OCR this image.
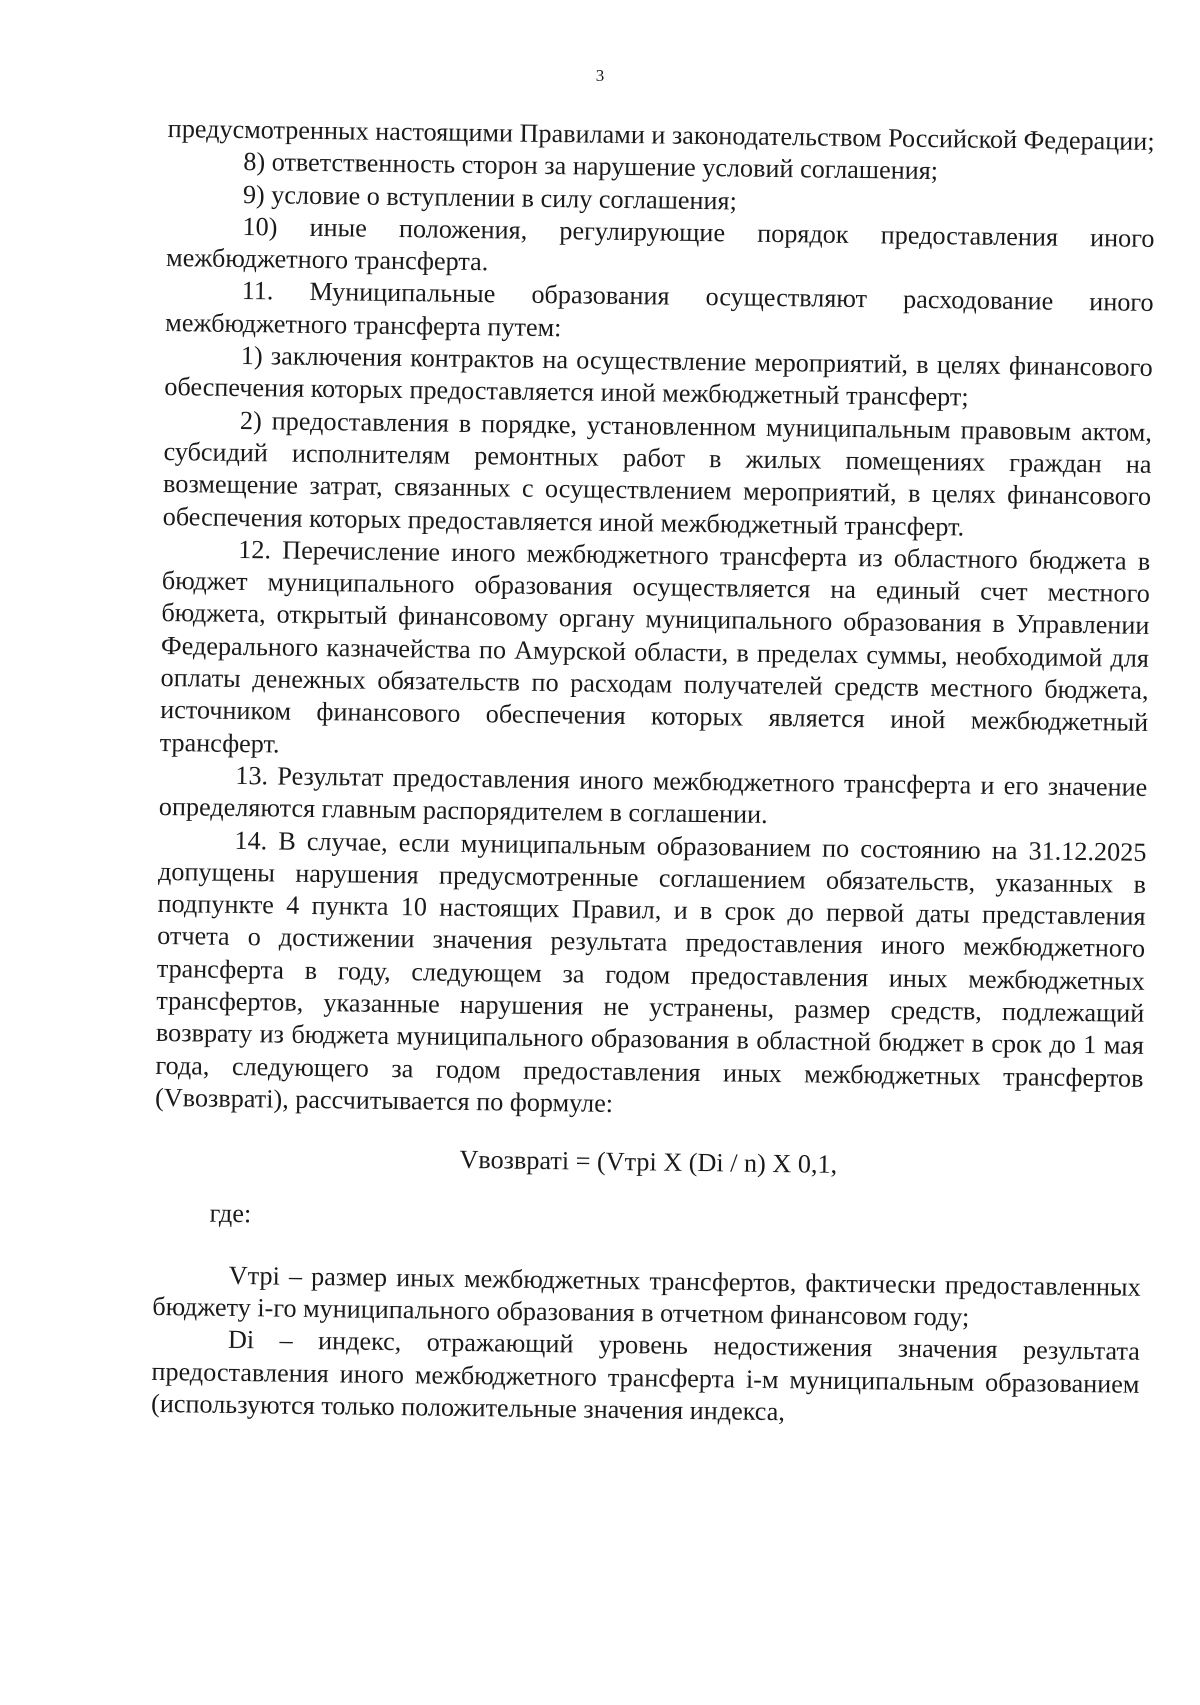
3

предусмотренных настоящими Правилами и законодательством Российской Федерации;

8) ответственность сторон за нарушение условий соглашения;

9) условие о вступлении в силу соглашения;

10) иные положения, регулирующие порядок предоставления иного межбюджетного трансферта.

11. Муниципальные образования осуществляют расходование иного межбюджетного трансферта путем:

1) заключения контрактов на осуществление мероприятий, в целях финансового обеспечения которых предоставляется иной межбюджетный трансферт;

2) предоставления в порядке, установленном муниципальным правовым актом, субсидий исполнителям ремонтных работ в жилых помещениях граждан на возмещение затрат, связанных с осуществлением мероприятий, в целях финансового обеспечения которых предоставляется иной межбюджетный трансферт.

12. Перечисление иного межбюджетного трансферта из областного бюджета в бюджет муниципального образования осуществляется на единый счет местного бюджета, открытый финансовому органу муниципального образования в Управлении Федерального казначейства по Амурской области, в пределах суммы, необходимой для оплаты денежных обязательств по расходам получателей средств местного бюджета, источником финансового обеспечения которых является иной межбюджетный трансферт.

13. Результат предоставления иного межбюджетного трансферта и его значение определяются главным распорядителем в соглашении.

14. В случае, если муниципальным образованием по состоянию на 31.12.2025 допущены нарушения предусмотренные соглашением обязательств, указанных в подпункте 4 пункта 10 настоящих Правил, и в срок до первой даты представления отчета о достижении значения результата предоставления иного межбюджетного трансферта в году, следующем за годом предоставления иных межбюджетных трансфертов, указанные нарушения не устранены, размер средств, подлежащий возврату из бюджета муниципального образования в областной бюджет в срок до 1 мая года, следующего за годом предоставления иных межбюджетных трансфертов (Vвозвратi), рассчитывается по формуле:

Vвозвратi = (Vтрi X (Di / n) X 0,1,

где:

Vтрi – размер иных межбюджетных трансфертов, фактически предоставленных бюджету i-го муниципального образования в отчетном финансовом году;

Di – индекс, отражающий уровень недостижения значения результата предоставления иного межбюджетного трансферта i-м муниципальным образованием (используются только положительные значения индекса,
